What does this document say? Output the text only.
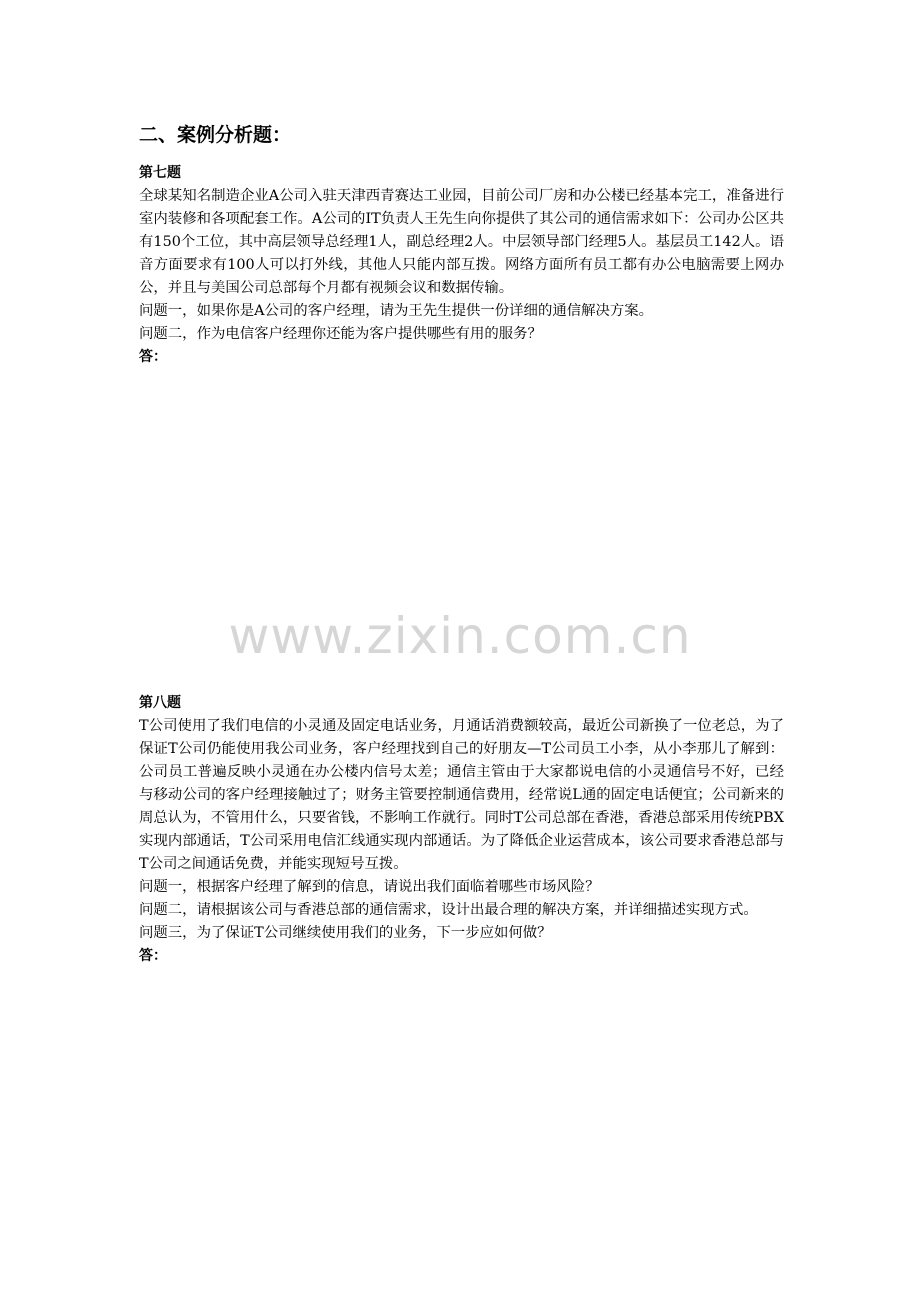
二、案例分析题：
第七题
全球某知名制造企业A公司入驻天津西青赛达工业园，目前公司厂房和办公楼已经基本完工，准备进行室内装修和各项配套工作。A公司的IT负责人王先生向你提供了其公司的通信需求如下：公司办公区共有150个工位，其中高层领导总经理1人，副总经理2人。中层领导部门经理5人。基层员工142人。语音方面要求有100人可以打外线，其他人只能内部互拨。网络方面所有员工都有办公电脑需要上网办公，并且与美国公司总部每个月都有视频会议和数据传输。
问题一，如果你是A公司的客户经理，请为王先生提供一份详细的通信解决方案。
问题二，作为电信客户经理你还能为客户提供哪些有用的服务？
答：
第八题
T公司使用了我们电信的小灵通及固定电话业务，月通话消费额较高，最近公司新换了一位老总，为了保证T公司仍能使用我公司业务，客户经理找到自己的好朋友—T公司员工小李，从小李那儿了解到：公司员工普遍反映小灵通在办公楼内信号太差；通信主管由于大家都说电信的小灵通信号不好，已经与移动公司的客户经理接触过了；财务主管要控制通信费用，经常说L通的固定电话便宜；公司新来的周总认为，不管用什么，只要省钱，不影响工作就行。同时T公司总部在香港，香港总部采用传统PBX实现内部通话，T公司采用电信汇线通实现内部通话。为了降低企业运营成本，该公司要求香港总部与T公司之间通话免费，并能实现短号互拨。
问题一，根据客户经理了解到的信息，请说出我们面临着哪些市场风险？
问题二，请根据该公司与香港总部的通信需求，设计出最合理的解决方案，并详细描述实现方式。
问题三，为了保证T公司继续使用我们的业务，下一步应如何做？
答：
www.zixin.com.cn
